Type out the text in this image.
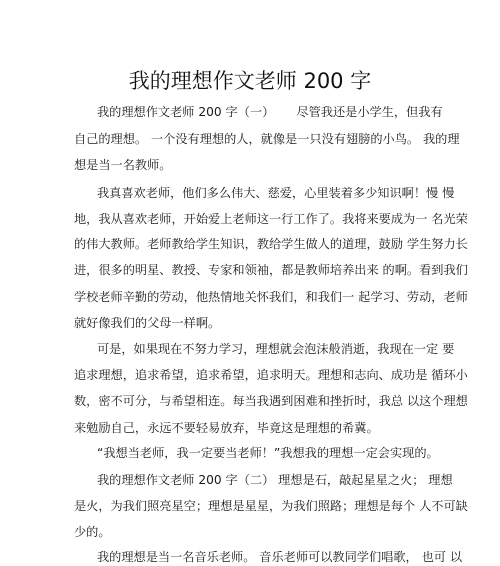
我的理想作文老师 200 字
我的理想作文老师 200 字（一）　　 尽管我还是小学生，但我有
自己的理想。 一个没有理想的人，就像是一只没有翅膀的小鸟。 我的理
想是当一名教师。
我真喜欢老师，他们多么伟大、慈爱，心里装着多少知识啊！慢 慢
地，我从喜欢老师，开始爱上老师这一行工作了。我将来要成为一 名光荣
的伟大教师。老师教给学生知识，教给学生做人的道理，鼓励 学生努力长
进，很多的明星、教授、专家和领袖，都是教师培养出来 的啊。看到我们
学校老师辛勤的劳动，他热情地关怀我们，和我们一 起学习、劳动，老师
就好像我们的父母一样啊。
可是，如果现在不努力学习，理想就会泡沫般消逝，我现在一定 要
追求理想，追求希望，追求希望，追求明天。理想和志向、成功是 循环小
数，密不可分，与希望相连。每当我遇到困难和挫折时，我总 以这个理想
来勉励自己，永远不要轻易放弃，毕竟这是理想的希冀。
“我想当老师，我一定要当老师！”我想我的理想一定会实现的。
我的理想作文老师 200 字（二） 理想是石，敲起星星之火； 理想
是火，为我们照亮星空；理想是星星，为我们照路；理想是每个 人不可缺
少的。
我的理想是当一名音乐老师。 音乐老师可以教同学们唱歌， 也可 以
